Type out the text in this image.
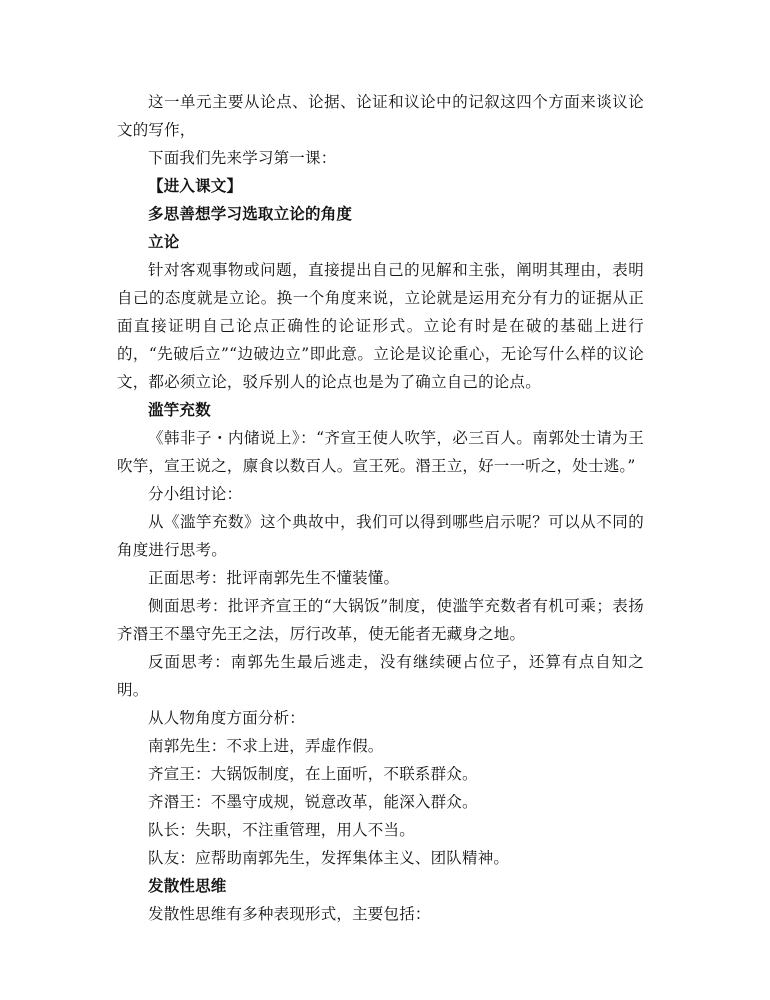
这一单元主要从论点、论据、论证和议论中的记叙这四个方面来谈议论文的写作，

下面我们先来学习第一课：

【进入课文】

多思善想学习选取立论的角度

立论

针对客观事物或问题，直接提出自己的见解和主张，阐明其理由，表明自己的态度就是立论。换一个角度来说，立论就是运用充分有力的证据从正面直接证明自己论点正确性的论证形式。立论有时是在破的基础上进行的，“先破后立”“边破边立”即此意。立论是议论重心，无论写什么样的议论文，都必须立论，驳斥别人的论点也是为了确立自己的论点。

滥竽充数

《韩非子・内储说上》：“齐宣王使人吹竽，必三百人。南郭处士请为王吹竽，宣王说之，廪食以数百人。宣王死。湣王立，好一一听之，处士逃。”

分小组讨论：

从《滥竽充数》这个典故中，我们可以得到哪些启示呢？可以从不同的角度进行思考。

正面思考：批评南郭先生不懂装懂。

侧面思考：批评齐宣王的“大锅饭”制度，使滥竽充数者有机可乘；表扬齐湣王不墨守先王之法，厉行改革，使无能者无藏身之地。

反面思考：南郭先生最后逃走，没有继续硬占位子，还算有点自知之明。

从人物角度方面分析：

南郭先生：不求上进，弄虚作假。

齐宣王：大锅饭制度，在上面听，不联系群众。

齐湣王：不墨守成规，锐意改革，能深入群众。

队长：失职，不注重管理，用人不当。

队友：应帮助南郭先生，发挥集体主义、团队精神。

发散性思维

发散性思维有多种表现形式，主要包括：
